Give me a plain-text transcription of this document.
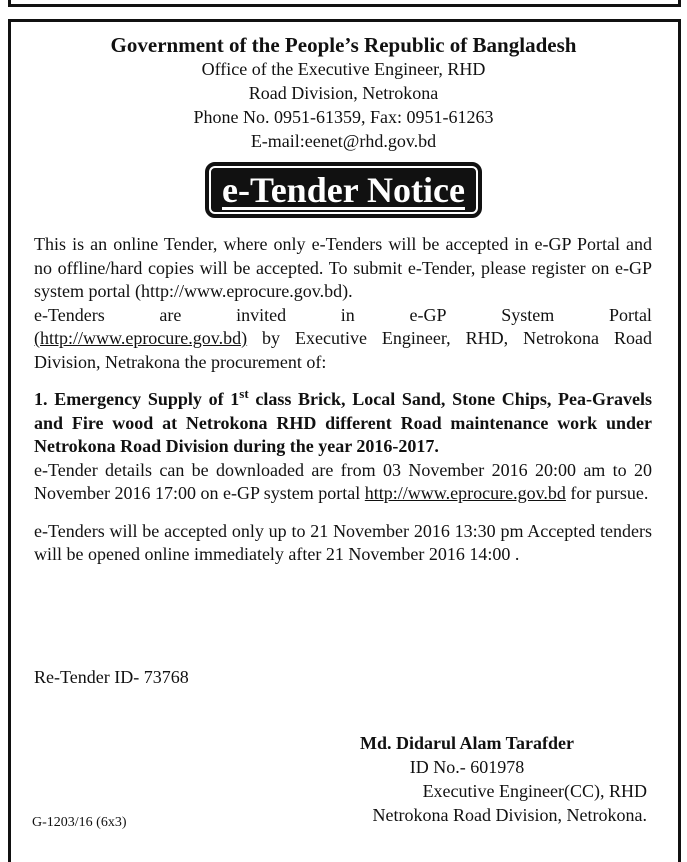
Government of the People’s Republic of Bangladesh
Office of the Executive Engineer, RHD
Road Division, Netrokona
Phone No. 0951-61359, Fax: 0951-61263
E-mail:eenet@rhd.gov.bd
e-Tender Notice

This is an online Tender, where only e-Tenders will be accepted in e-GP Portal and no offline/hard copies will be accepted. To submit e-Tender, please register on e-GP system portal (http://www.eprocure.gov.bd).

e-Tenders	are	invited	in	e-GP	System	Portal

(http://www.eprocure.gov.bd) by Executive Engineer, RHD, Netrokona Road Division, Netrakona the procurement of:

1. Emergency Supply of 1st class Brick, Local Sand, Stone Chips, Pea-Gravels and Fire wood at Netrokona RHD different Road maintenance work under Netrokona Road Division during the year 2016-2017.

e-Tender details can be downloaded are from 03 November 2016 20:00 am to 20 November 2016 17:00 on e-GP system portal http://www.eprocure.gov.bd for pursue.

e-Tenders will be accepted only up to 21 November 2016 13:30 pm Accepted tenders will be opened online immediately after 21 November 2016 14:00 .

Re-Tender ID- 73768
Md. Didarul Alam Tarafder
ID No.- 601978
Executive Engineer(CC), RHD
Netrokona Road Division, Netrokona.
G-1203/16 (6x3)
